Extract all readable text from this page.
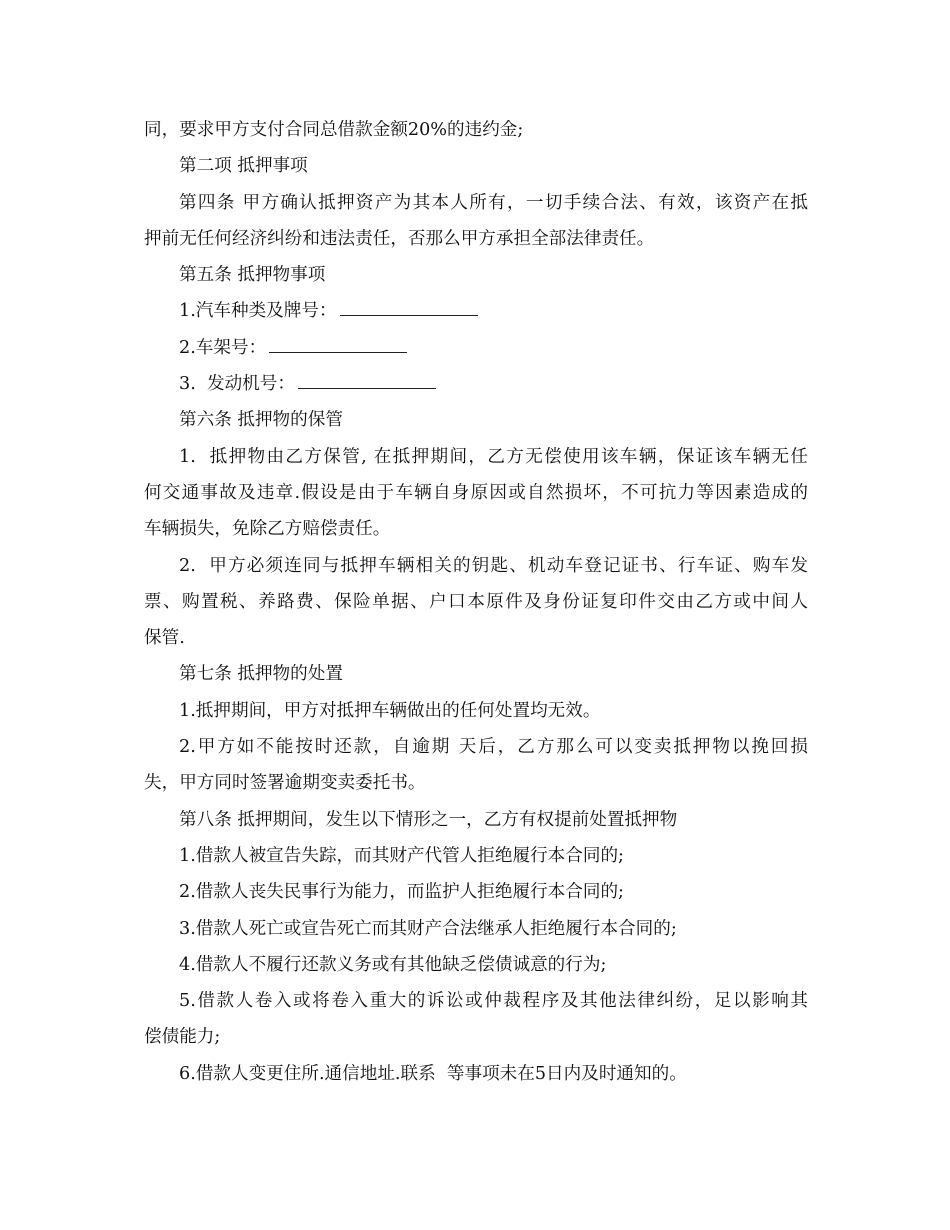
同，要求甲方支付合同总借款金额20%的违约金;

第二项 抵押事项

第四条 甲方确认抵押资产为其本人所有，一切手续合法、有效，该资产在抵

押前无任何经济纠纷和违法责任，否那么甲方承担全部法律责任。

第五条 抵押物事项

1.汽车种类及牌号：

2.车架号：

3.  发动机号：

第六条 抵押物的保管

1.  抵押物由乙方保管, 在抵押期间，乙方无偿使用该车辆，保证该车辆无任

何交通事故及违章.假设是由于车辆自身原因或自然损坏，不可抗力等因素造成的

车辆损失，免除乙方赔偿责任。

2.  甲方必须连同与抵押车辆相关的钥匙、机动车登记证书、行车证、购车发

票、购置税、养路费、保险单据、户口本原件及身份证复印件交由乙方或中间人

保管.

第七条 抵押物的处置

1.抵押期间，甲方对抵押车辆做出的任何处置均无效。

2.甲方如不能按时还款，自逾期 天后，乙方那么可以变卖抵押物以挽回损

失，甲方同时签署逾期变卖委托书。

第八条 抵押期间，发生以下情形之一，乙方有权提前处置抵押物

1.借款人被宣告失踪，而其财产代管人拒绝履行本合同的;

2.借款人丧失民事行为能力，而监护人拒绝履行本合同的;

3.借款人死亡或宣告死亡而其财产合法继承人拒绝履行本合同的;

4.借款人不履行还款义务或有其他缺乏偿债诚意的行为;

5.借款人卷入或将卷入重大的诉讼或仲裁程序及其他法律纠纷，足以影响其

偿债能力;

6.借款人变更住所.通信地址.联系  等事项未在5日内及时通知的。
